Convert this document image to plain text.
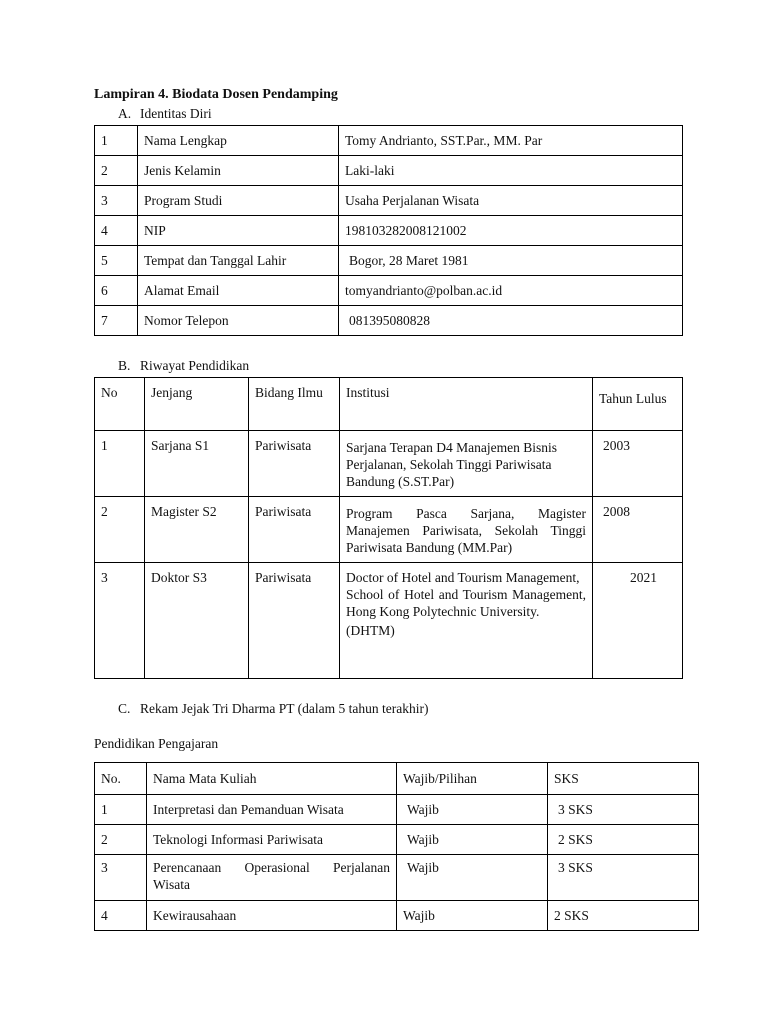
Lampiran 4. Biodata Dosen Pendamping
A. Identitas Diri
1	Nama Lengkap	Tomy Andrianto, SST.Par., MM. Par
2	Jenis Kelamin	Laki-laki
3	Program Studi	Usaha Perjalanan Wisata
4	NIP	198103282008121002
5	Tempat dan Tanggal Lahir	Bogor, 28 Maret 1981
6	Alamat Email	tomyandrianto@polban.ac.id
7	Nomor Telepon	081395080828
B. Riwayat Pendidikan
No	Jenjang	Bidang Ilmu	Institusi	Tahun Lulus
1	Sarjana S1	Pariwisata	Sarjana Terapan D4 Manajemen Bisnis Perjalanan, Sekolah Tinggi Pariwisata Bandung (S.ST.Par)	2003
2	Magister S2	Pariwisata	Program Pasca Sarjana, Magister Manajemen Pariwisata, Sekolah Tinggi Pariwisata Bandung (MM.Par)	2008
3	Doktor S3	Pariwisata	Doctor of Hotel and Tourism Management,
School of Hotel and Tourism Management, Hong Kong Polytechnic University.
(DHTM)	2021
C. Rekam Jejak Tri Dharma PT (dalam 5 tahun terakhir)
Pendidikan Pengajaran
No.	Nama Mata Kuliah	Wajib/Pilihan	SKS
1	Interpretasi dan Pemanduan Wisata	Wajib	3 SKS
2	Teknologi Informasi Pariwisata	Wajib	2 SKS
3	Perencanaan Operasional Perjalanan Wisata	Wajib	3 SKS
4	Kewirausahaan	Wajib	2 SKS
